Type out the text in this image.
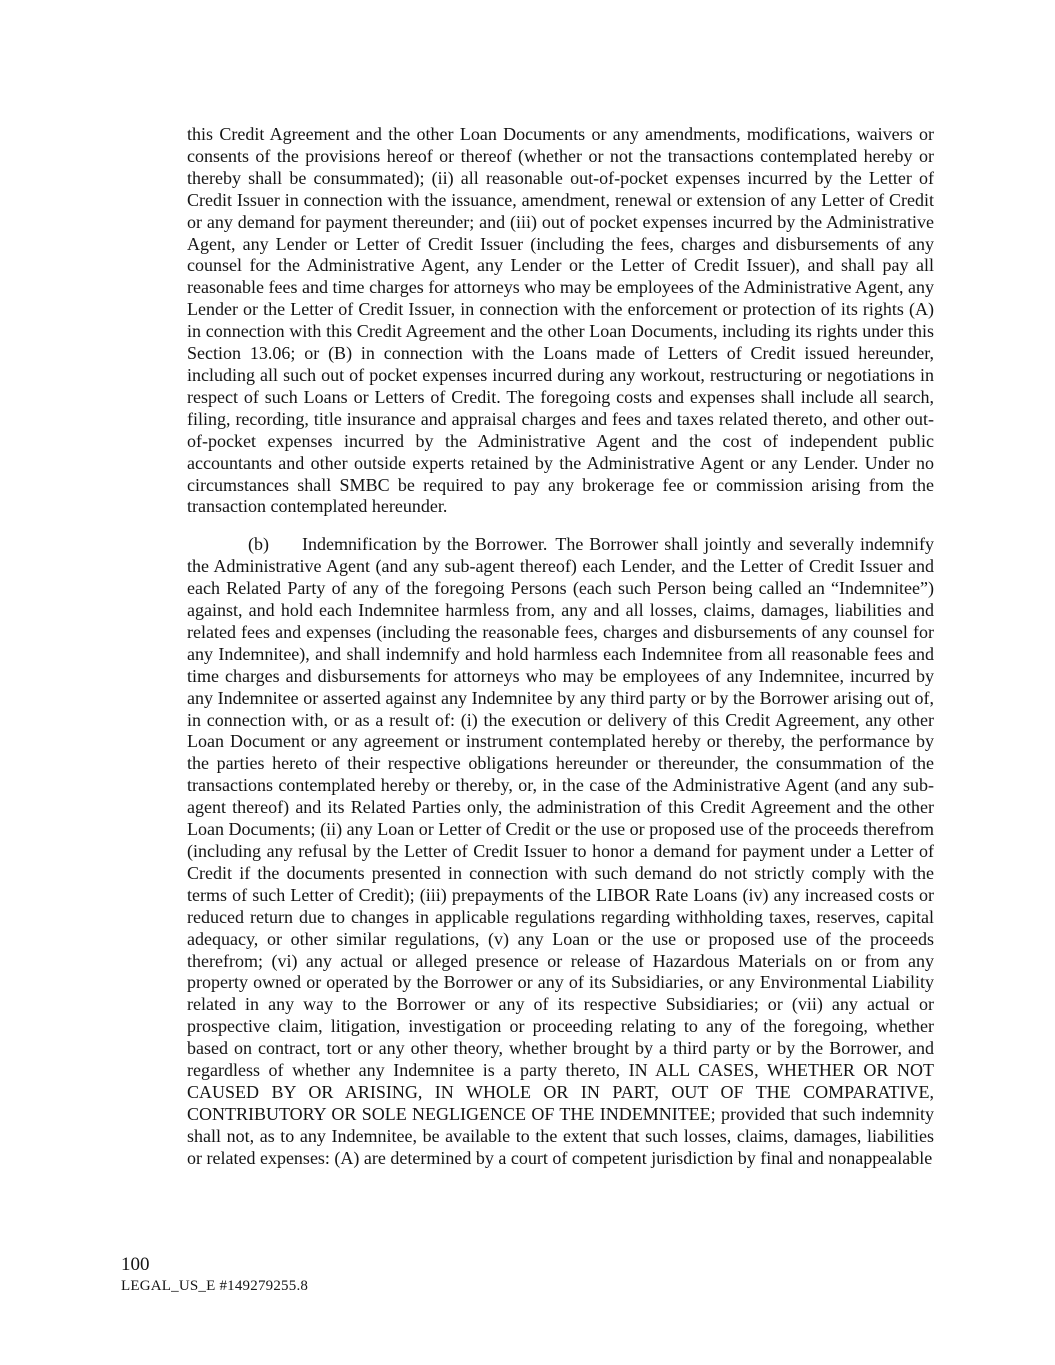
this Credit Agreement and the other Loan Documents or any amendments, modifications, waivers or consents of the provisions hereof or thereof (whether or not the transactions contemplated hereby or thereby shall be consummated); (ii) all reasonable out-of-pocket expenses incurred by the Letter of Credit Issuer in connection with the issuance, amendment, renewal or extension of any Letter of Credit or any demand for payment thereunder; and (iii) out of pocket expenses incurred by the Administrative Agent, any Lender or Letter of Credit Issuer (including the fees, charges and disbursements of any counsel for the Administrative Agent, any Lender or the Letter of Credit Issuer), and shall pay all reasonable fees and time charges for attorneys who may be employees of the Administrative Agent, any Lender or the Letter of Credit Issuer, in connection with the enforcement or protection of its rights (A) in connection with this Credit Agreement and the other Loan Documents, including its rights under this Section 13.06; or (B) in connection with the Loans made of Letters of Credit issued hereunder, including all such out of pocket expenses incurred during any workout, restructuring or negotiations in respect of such Loans or Letters of Credit. The foregoing costs and expenses shall include all search, filing, recording, title insurance and appraisal charges and fees and taxes related thereto, and other out-of-pocket expenses incurred by the Administrative Agent and the cost of independent public accountants and other outside experts retained by the Administrative Agent or any Lender. Under no circumstances shall SMBC be required to pay any brokerage fee or commission arising from the transaction contemplated hereunder.

(b) Indemnification by the Borrower. The Borrower shall jointly and severally indemnify the Administrative Agent (and any sub-agent thereof) each Lender, and the Letter of Credit Issuer and each Related Party of any of the foregoing Persons (each such Person being called an “Indemnitee”) against, and hold each Indemnitee harmless from, any and all losses, claims, damages, liabilities and related fees and expenses (including the reasonable fees, charges and disbursements of any counsel for any Indemnitee), and shall indemnify and hold harmless each Indemnitee from all reasonable fees and time charges and disbursements for attorneys who may be employees of any Indemnitee, incurred by any Indemnitee or asserted against any Indemnitee by any third party or by the Borrower arising out of, in connection with, or as a result of: (i) the execution or delivery of this Credit Agreement, any other Loan Document or any agreement or instrument contemplated hereby or thereby, the performance by the parties hereto of their respective obligations hereunder or thereunder, the consummation of the transactions contemplated hereby or thereby, or, in the case of the Administrative Agent (and any sub-agent thereof) and its Related Parties only, the administration of this Credit Agreement and the other Loan Documents; (ii) any Loan or Letter of Credit or the use or proposed use of the proceeds therefrom (including any refusal by the Letter of Credit Issuer to honor a demand for payment under a Letter of Credit if the documents presented in connection with such demand do not strictly comply with the terms of such Letter of Credit); (iii) prepayments of the LIBOR Rate Loans (iv) any increased costs or reduced return due to changes in applicable regulations regarding withholding taxes, reserves, capital adequacy, or other similar regulations, (v) any Loan or the use or proposed use of the proceeds therefrom; (vi) any actual or alleged presence or release of Hazardous Materials on or from any property owned or operated by the Borrower or any of its Subsidiaries, or any Environmental Liability related in any way to the Borrower or any of its respective Subsidiaries; or (vii) any actual or prospective claim, litigation, investigation or proceeding relating to any of the foregoing, whether based on contract, tort or any other theory, whether brought by a third party or by the Borrower, and regardless of whether any Indemnitee is a party thereto, IN ALL CASES, WHETHER OR NOT CAUSED BY OR ARISING, IN WHOLE OR IN PART, OUT OF THE COMPARATIVE, CONTRIBUTORY OR SOLE NEGLIGENCE OF THE INDEMNITEE; provided that such indemnity shall not, as to any Indemnitee, be available to the extent that such losses, claims, damages, liabilities or related expenses: (A) are determined by a court of competent jurisdiction by final and nonappealable

100
LEGAL_US_E #149279255.8
